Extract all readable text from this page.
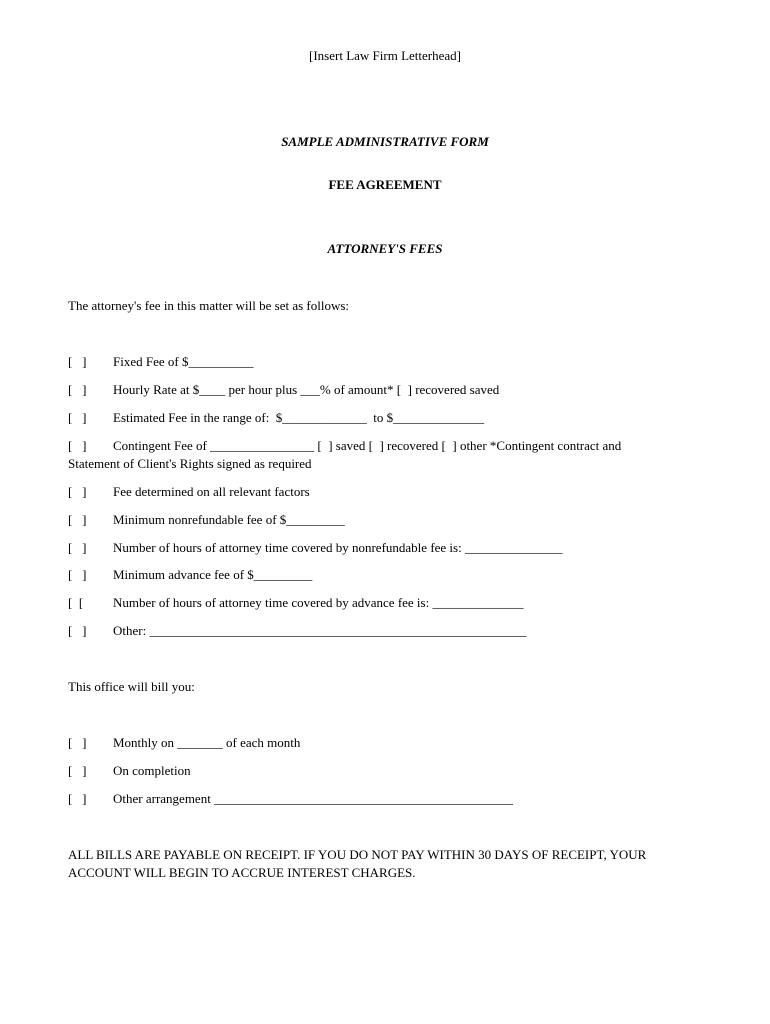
[Insert Law Firm Letterhead]
SAMPLE ADMINISTRATIVE FORM
FEE AGREEMENT
ATTORNEY'S FEES
The attorney's fee in this matter will be set as follows:
[   ] Fixed Fee of $__________
[   ] Hourly Rate at $____ per hour plus ___% of amount* [  ] recovered saved
[   ] Estimated Fee in the range of:  $_____________  to $______________
[   ] Contingent Fee of ________________ [  ] saved [  ] recovered [  ] other *Contingent contract and
Statement of Client's Rights signed as required
[   ] Fee determined on all relevant factors
[   ] Minimum nonrefundable fee of $_________
[   ] Number of hours of attorney time covered by nonrefundable fee is: _______________
[   ] Minimum advance fee of $_________
[  [ Number of hours of attorney time covered by advance fee is: ______________
[   ] Other: __________________________________________________________
This office will bill you:
[   ] Monthly on _______ of each month
[   ] On completion
[   ] Other arrangement ______________________________________________
ALL BILLS ARE PAYABLE ON RECEIPT. IF YOU DO NOT PAY WITHIN 30 DAYS OF RECEIPT, YOUR
ACCOUNT WILL BEGIN TO ACCRUE INTEREST CHARGES.
